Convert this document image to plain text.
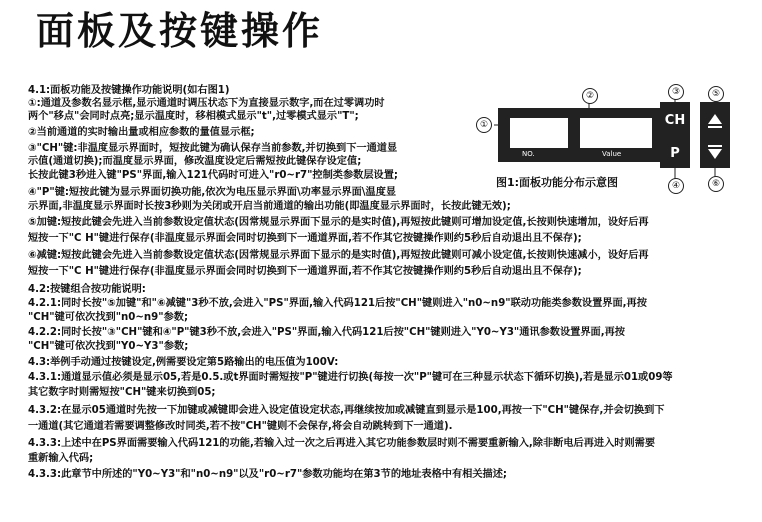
面板及按键操作
4.1:面板功能及按键操作功能说明(如右图1)
①:通道及参数名显示框,显示通道时调压状态下为直接显示数字,而在过零调功时
两个"移点"会同时点亮;显示温度时，移相模式显示"t",过零模式显示"T";
②当前通道的实时输出量或相应参数的量值显示框;
③"CH"键:非温度显示界面时，短按此键为确认保存当前参数,并切换到下一通道显
示值(通道切换);而温度显示界面，修改温度设定后需短按此键保存设定值;
长按此键3秒进入键"PS"界面,输入121代码时可进入"r0~r7"控制类参数层设置;
④"P"键:短按此键为显示界面切换功能,依次为电压显示界面\功率显示界面\温度显
示界面,非温度显示界面时长按3秒则为关闭或开启当前通道的输出功能(即温度显示界面时，长按此键无效);
⑤加键:短按此键会先进入当前参数设定值状态(因常规显示界面下显示的是实时值),再短按此键则可增加设定值,长按则快速增加，设好后再
短按一下"C H"键进行保存(非温度显示界面会同时切换到下一通道界面,若不作其它按键操作则约5秒后自动退出且不保存);
⑥减键:短按此键会先进入当前参数设定值状态(因常规显示界面下显示的是实时值),再短按此键则可减小设定值,长按则快速减小，设好后再
短按一下"C H"键进行保存(非温度显示界面会同时切换到下一通道界面,若不作其它按键操作则约5秒后自动退出且不保存);
4.2:按键组合按功能说明:
4.2.1:同时长按"⑤加键"和"⑥减键"3秒不放,会进入"PS"界面,输入代码121后按"CH"键则进入"n0~n9"联动功能类参数设置界面,再按
"CH"键可依次找到"n0~n9"参数;
4.2.2:同时长按"③"CH"键和④"P"键3秒不放,会进入"PS"界面,输入代码121后按"CH"键则进入"Y0~Y3"通讯参数设置界面,再按
"CH"键可依次找到"Y0~Y3"参数;
4.3:举例手动通过按键设定,例需要设定第5路输出的电压值为100V:
4.3.1:通道显示值必须是显示05,若是0.5.或t界面时需短按"P"键进行切换(每按一次"P"键可在三种显示状态下循环切换),若是显示01或09等
其它数字时则需短按"CH"键来切换到05;
4.3.2:在显示05通道时先按一下加键或减键即会进入设定值设定状态,再继续按加或减键直到显示是100,再按一下"CH"键保存,并会切换到下
一通道(其它通道若需要调整修改时同类,若不按"CH"键则不会保存,将会自动跳转到下一通道).
4.3.3:上述中在PS界面需要输入代码121的功能,若输入过一次之后再进入其它功能参数层时则不需要重新输入,除非断电后再进入时则需要
重新输入代码;
4.3.3:此章节中所述的"Y0~Y3"和"n0~n9"以及"r0~r7"参数功能均在第3节的地址表格中有相关描述;
NO.	Value
CH
P
①
②	③
④
⑤
⑥
图1:面板功能分布示意图
